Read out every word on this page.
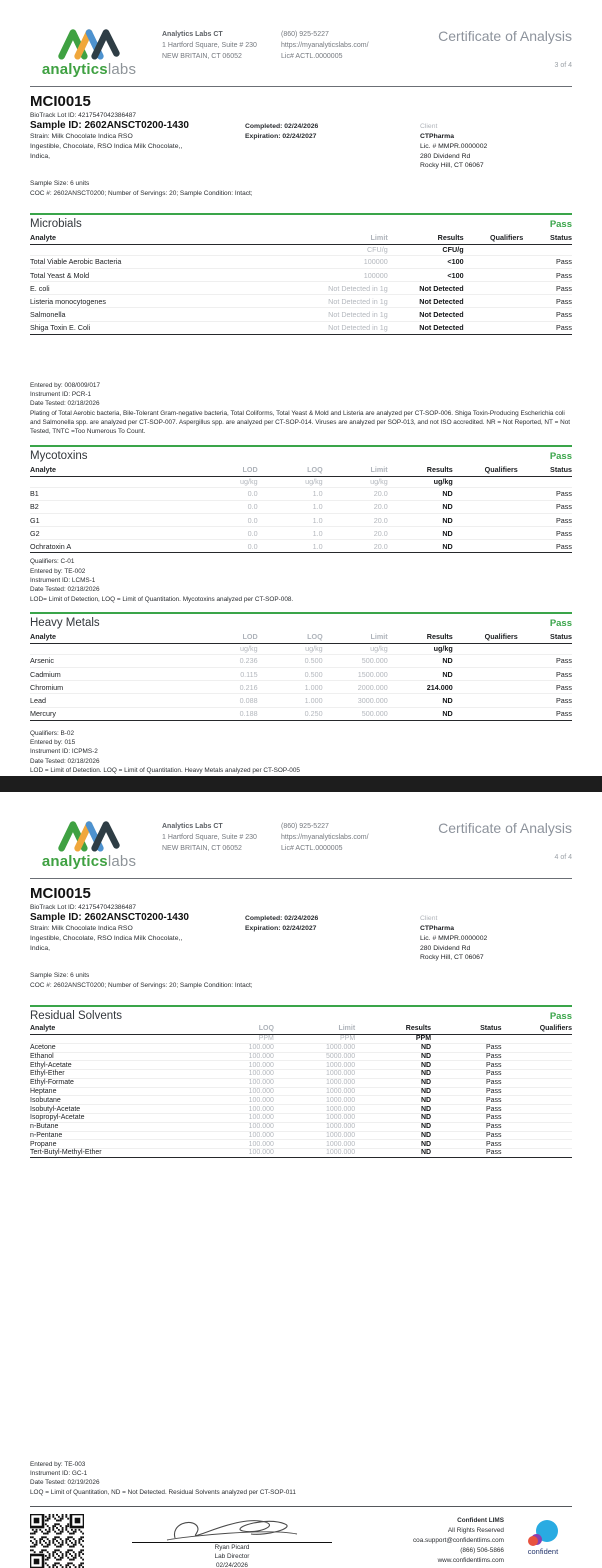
analyticslabs
Analytics Labs CT
1 Hartford Square, Suite # 230
NEW BRITAIN, CT 06052
(860) 925-5227
https://myanalyticslabs.com/
Lic# ACTL.0000005
Certificate of Analysis
3 of 4
MCI0015
BioTrack Lot ID: 4217547042386487
Sample ID: 2602ANSCT0200-1430
Strain: Milk Chocolate Indica RSO
Ingestible, Chocolate, RSO Indica Milk Chocolate,,
Indica,
Completed: 02/24/2026
Expiration: 02/24/2027
Client
CTPharma
Lic. # MMPR.0000002
280 Dividend Rd
Rocky Hill, CT 06067
Sample Size: 6 units
COC #: 2602ANSCT0200; Number of Servings: 20; Sample Condition: Intact;
Microbials	Pass
Analyte	Limit	Results	Qualifiers	Status
	CFU/g	CFU/g		
Total Viable Aerobic Bacteria	100000	<100		Pass
Total Yeast & Mold	100000	<100		Pass
E. coli	Not Detected in 1g	Not Detected		Pass
Listeria monocytogenes	Not Detected in 1g	Not Detected		Pass
Salmonella	Not Detected in 1g	Not Detected		Pass
Shiga Toxin E. Coli	Not Detected in 1g	Not Detected		Pass
Entered by: 008/009/017
Instrument ID: PCR-1
Date Tested: 02/18/2026
Plating of Total Aerobic bacteria, Bile-Tolerant Gram-negative bacteria, Total Coliforms, Total Yeast & Mold and Listeria are analyzed per CT-SOP-006. Shiga Toxin-Producing Escherichia coli and Salmonella spp. are analyzed per CT-SOP-007. Aspergillus spp. are analyzed per CT-SOP-014. Viruses are analyzed per SOP-013, and not ISO accredited. NR = Not Reported, NT = Not Tested, TNTC =Too Numerous To Count.
Mycotoxins	Pass
Analyte	LOD	LOQ	Limit	Results	Qualifiers	Status
	ug/kg	ug/kg	ug/kg	ug/kg		
B1	0.0	1.0	20.0	ND		Pass
B2	0.0	1.0	20.0	ND		Pass
G1	0.0	1.0	20.0	ND		Pass
G2	0.0	1.0	20.0	ND		Pass
Ochratoxin A	0.0	1.0	20.0	ND		Pass
Qualifiers: C-01
Entered by: TE-002
Instrument ID: LCMS-1
Date Tested: 02/18/2026
LOD= Limit of Detection, LOQ = Limit of Quantitation. Mycotoxins analyzed per CT-SOP-008.
Heavy Metals	Pass
Analyte	LOD	LOQ	Limit	Results	Qualifiers	Status
	ug/kg	ug/kg	ug/kg	ug/kg		
Arsenic	0.236	0.500	500.000	ND		Pass
Cadmium	0.115	0.500	1500.000	ND		Pass
Chromium	0.216	1.000	2000.000	214.000		Pass
Lead	0.088	1.000	3000.000	ND		Pass
Mercury	0.188	0.250	500.000	ND		Pass
Qualifiers: B-02
Entered by: 015
Instrument ID: ICPMS-2
Date Tested: 02/18/2026
LOD = Limit of Detection. LOQ = Limit of Quantitation. Heavy Metals analyzed per CT-SOP-005
analyticslabs
Analytics Labs CT
1 Hartford Square, Suite # 230
NEW BRITAIN, CT 06052
(860) 925-5227
https://myanalyticslabs.com/
Lic# ACTL.0000005
Certificate of Analysis
4 of 4
MCI0015
BioTrack Lot ID: 4217547042386487
Sample ID: 2602ANSCT0200-1430
Strain: Milk Chocolate Indica RSO
Ingestible, Chocolate, RSO Indica Milk Chocolate,,
Indica,
Completed: 02/24/2026
Expiration: 02/24/2027
Client
CTPharma
Lic. # MMPR.0000002
280 Dividend Rd
Rocky Hill, CT 06067
Sample Size: 6 units
COC #: 2602ANSCT0200; Number of Servings: 20; Sample Condition: Intact;
Residual Solvents	Pass
Analyte	LOQ	Limit	Results	Status	Qualifiers
	PPM	PPM	PPM		
Acetone	100.000	1000.000	ND	Pass	
Ethanol	100.000	5000.000	ND	Pass	
Ethyl-Acetate	100.000	1000.000	ND	Pass	
Ethyl-Ether	100.000	1000.000	ND	Pass	
Ethyl-Formate	100.000	1000.000	ND	Pass	
Heptane	100.000	1000.000	ND	Pass	
Isobutane	100.000	1000.000	ND	Pass	
Isobutyl-Acetate	100.000	1000.000	ND	Pass	
Isopropyl-Acetate	100.000	1000.000	ND	Pass	
n-Butane	100.000	1000.000	ND	Pass	
n-Pentane	100.000	1000.000	ND	Pass	
Propane	100.000	1000.000	ND	Pass	
Tert-Butyl-Methyl-Ether	100.000	1000.000	ND	Pass	
Entered by: TE-003
Instrument ID: GC-1
Date Tested: 02/19/2026
LOQ = Limit of Quantitation, ND = Not Detected. Residual Solvents analyzed per CT-SOP-011
Ryan Picard
Lab Director
02/24/2026
Confident LIMS
All Rights Reserved
coa.support@confidentlims.com
(866) 506-5866
www.confidentlims.com
confident
